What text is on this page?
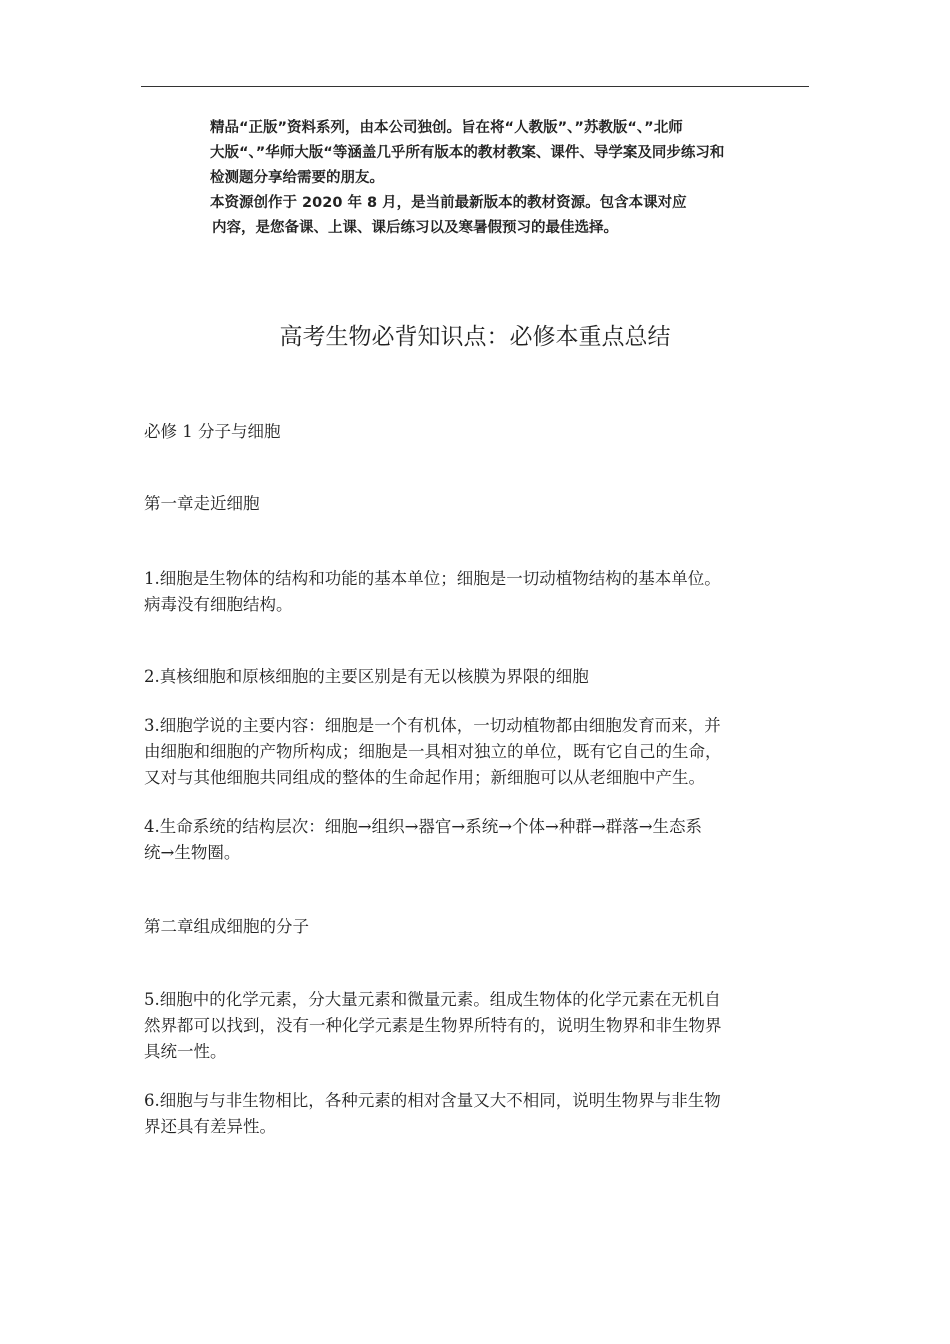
精品“正版”资料系列，由本公司独创。旨在将“人教版”、”苏教版“、”北师
大版“、”华师大版“等涵盖几乎所有版本的教材教案、课件、导学案及同步练习和
检测题分享给需要的朋友。
本资源创作于 2020 年 8 月，是当前最新版本的教材资源。包含本课对应
内容，是您备课、上课、课后练习以及寒暑假预习的最佳选择。
高考生物必背知识点：必修本重点总结
必修 1 分子与细胞
第一章走近细胞
1.细胞是生物体的结构和功能的基本单位；细胞是一切动植物结构的基本单位。
病毒没有细胞结构。
2.真核细胞和原核细胞的主要区别是有无以核膜为界限的细胞
3.细胞学说的主要内容：细胞是一个有机体，一切动植物都由细胞发育而来，并
由细胞和细胞的产物所构成；细胞是一具相对独立的单位，既有它自己的生命，
又对与其他细胞共同组成的整体的生命起作用；新细胞可以从老细胞中产生。
4.生命系统的结构层次：细胞→组织→器官→系统→个体→种群→群落→生态系
统→生物圈。
第二章组成细胞的分子
5.细胞中的化学元素，分大量元素和微量元素。组成生物体的化学元素在无机自
然界都可以找到，没有一种化学元素是生物界所特有的，说明生物界和非生物界
具统一性。
6.细胞与与非生物相比，各种元素的相对含量又大不相同，说明生物界与非生物
界还具有差异性。
